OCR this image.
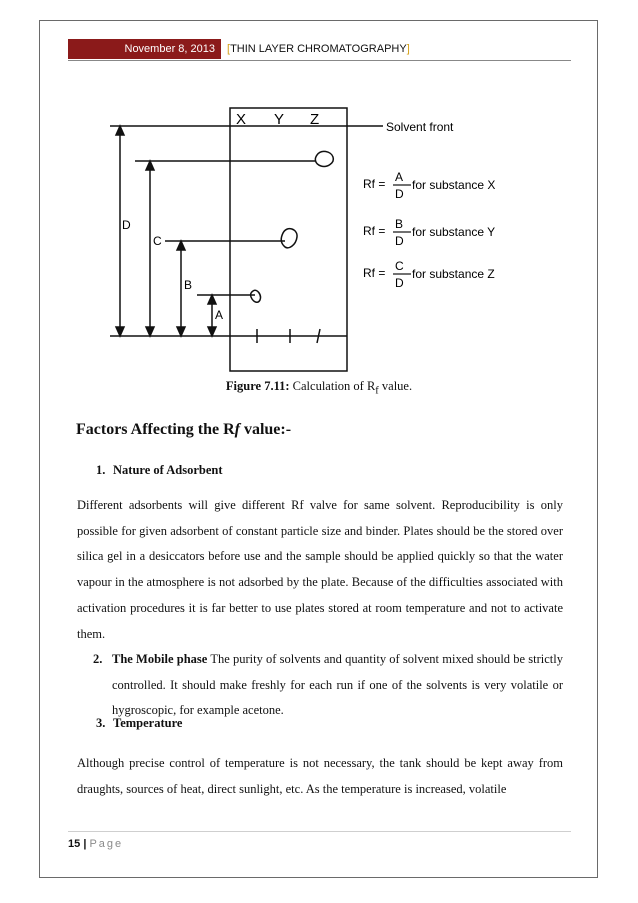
November 8, 2013	[THIN LAYER CHROMATOGRAPHY]
X Y Z	Solvent front
D
C
B
A
Rf = A
D
for substance X
Rf = B
D
for substance Y
Rf = C
D
for substance Z
Figure 7.11: Calculation of $R_f$ value.
Factors Affecting the Rf value:-
1. Nature of Adsorbent
Different adsorbents will give different Rf valve for same solvent. Reproducibility is only possible for given adsorbent of constant particle size and binder. Plates should be the stored over silica gel in a desiccators before use and the sample should be applied quickly so that the water vapour in the atmosphere is not adsorbed by the plate. Because of the difficulties associated with activation procedures it is far better to use plates stored at room temperature and not to activate them.
2. The Mobile phase The purity of solvents and quantity of solvent mixed should be strictly controlled. It should make freshly for each run if one of the solvents is very volatile or hygroscopic, for example acetone.
3. Temperature
Although precise control of temperature is not necessary, the tank should be kept away from draughts, sources of heat, direct sunlight, etc. As the temperature is increased, volatile
15 | Page
